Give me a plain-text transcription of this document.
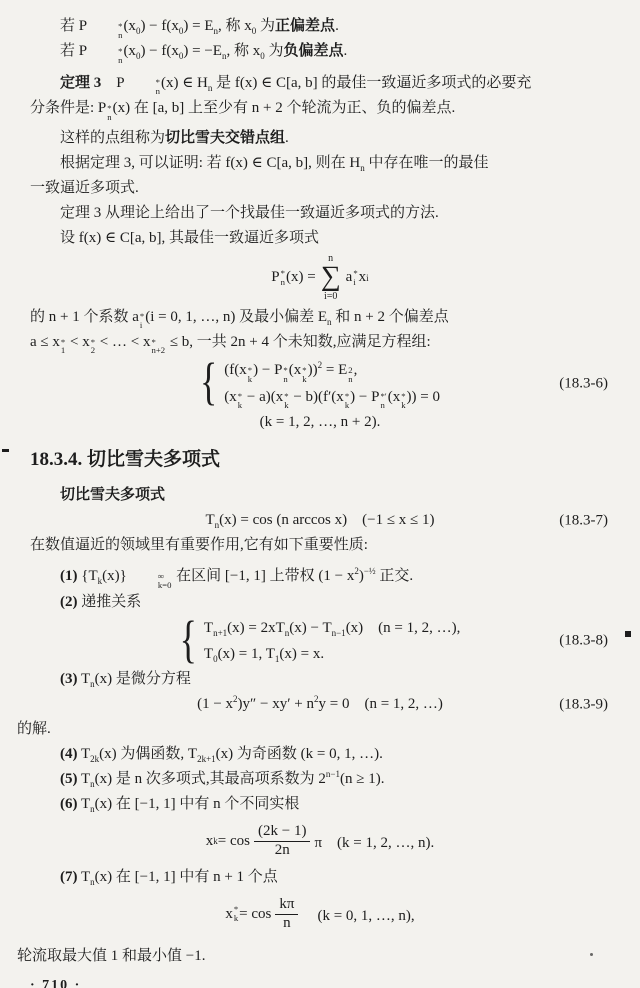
若 P	*
n
$(x_0) - f(x_0) = E_n$, 称 $x_0$ 为正偏差点.
若 P	*
n
$(x_0) - f(x_0) = -E_n$, 称 $x_0$ 为负偏差点.
定理 3　P	*
n
(x) ∈ $H_n$ 是 f(x) ∈ C[a, b] 的最佳一致逼近多项式的必要充
分条件是: P *
n
(x) 在 [a, b] 上至少有 n + 2 个轮流为正、负的偏差点.
这样的点组称为切比雪夫交错点组.
根据定理 3, 可以证明: 若 f(x) ∈ C[a, b], 则在 $H_n$ 中存在唯一的最佳
一致逼近多项式.
定理 3 从理论上给出了一个找最佳一致逼近多项式的方法.
设 f(x) ∈ C[a, b], 其最佳一致逼近多项式
P *
n (x) =
n
∑
i=0
a *
i x i
的 n + 1 个系数 a *
i
(i = 0, 1, …, n) 及最小偏差 $E_n$ 和 n + 2 个偏差点
a ≤ x *
1
< x *
2
< … < x *
n+2
≤ b, 一共 2n + 4 个未知数,应满足方程组:
{ (f(x *
k
) − P *
n
(x *
k
))$^2$ = E 2
n
,
(x *
k
− a)(x *
k
− b)(f′(x *
k
) − P *′
n
(x *
k
)) = 0
(18.3-6)
(k = 1, 2, …, n + 2).
18.3.4. 切比雪夫多项式
切比雪夫多项式
$T_n(x) = \cos (n$ arccos x)　(−1 ≤ x ≤ 1)	(18.3-7)
在数值逼近的领域里有重要作用,它有如下重要性质:
(1) $\{T_k(x)\}$	∞
k=0
在区间 [−1, 1] 上带权 $(1 - x^2)^{-\frac{1}{2}}$ 正交.
(2) 递推关系
{ $T_{n+1}(x) = 2xT_n(x) - T_{n-1}(x)$　(n = 1, 2, …),
$T_0(x) = 1$, $T_1(x) = x$.
(18.3-8)
(3) $T_n(x)$ 是微分方程
$(1 - x^2)y'' - xy' + n^2y = 0$　(n = 1, 2, …)	(18.3-9)
的解.
(4) $T_{2k}(x)$ 为偶函数, $T_{2k+1}(x)$ 为奇函数 (k = 0, 1, …).
(5) $T_n(x)$ 是 n 次多项式,其最高项系数为 $2^{n-1}(n \ge 1)$.
(6) $T_n(x)$ 在 [−1, 1] 中有 n 个不同实根
x $k = \cos \frac{(2k - 1)}{2n}$ π　(k = 1, 2, …, n).
(7) $T_n(x)$ 在 [−1, 1] 中有 n + 1 个点
x *
$k = \cos \frac{k\pi}{n}$ 　(k = 0, 1, …, n),
轮流取最大值 1 和最小值 −1.
· 710 ·
